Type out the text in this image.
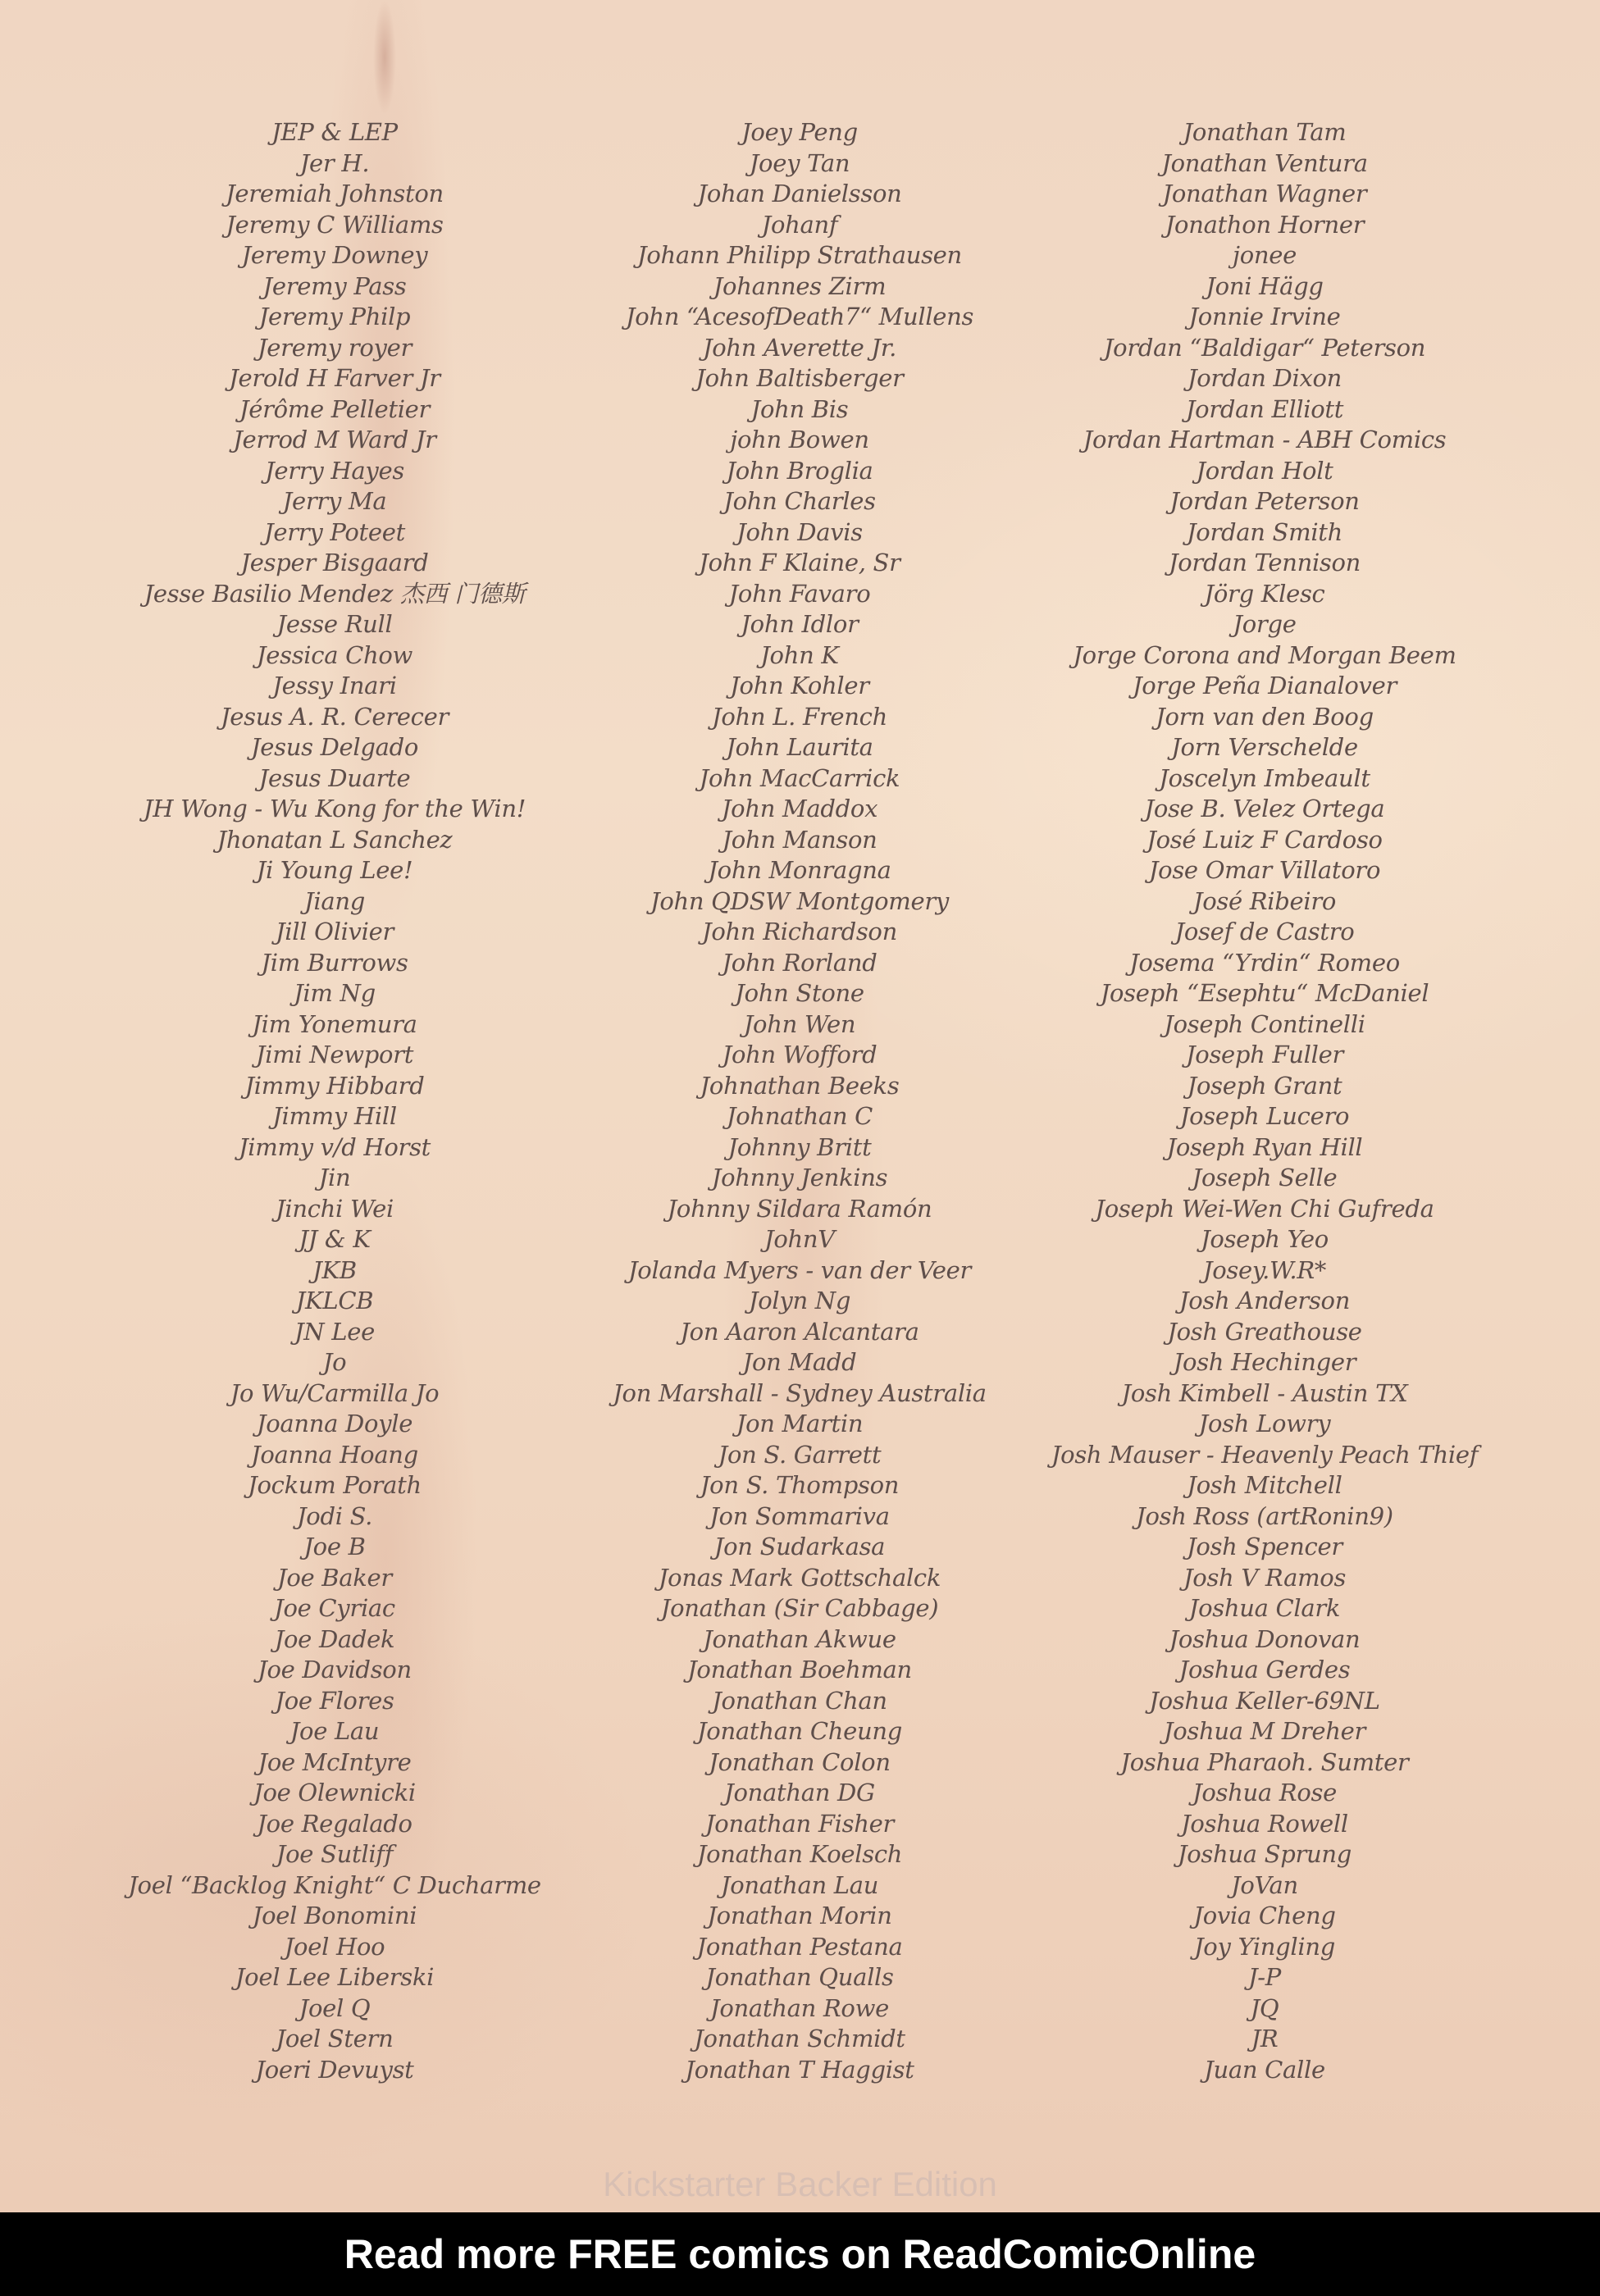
JEP & LEP
Jer H.
Jeremiah Johnston
Jeremy C Williams
Jeremy Downey
Jeremy Pass
Jeremy Philp
Jeremy royer
Jerold H Farver Jr
Jérôme Pelletier
Jerrod M Ward Jr
Jerry Hayes
Jerry Ma
Jerry Poteet
Jesper Bisgaard
Jesse Basilio Mendez 杰西 门德斯
Jesse Rull
Jessica Chow
Jessy Inari
Jesus A. R. Cerecer
Jesus Delgado
Jesus Duarte
JH Wong - Wu Kong for the Win!
Jhonatan L Sanchez
Ji Young Lee!
Jiang
Jill Olivier
Jim Burrows
Jim Ng
Jim Yonemura
Jimi Newport
Jimmy Hibbard
Jimmy Hill
Jimmy v/d Horst
Jin
Jinchi Wei
JJ & K
JKB
JKLCB
JN Lee
Jo
Jo Wu/Carmilla Jo
Joanna Doyle
Joanna Hoang
Jockum Porath
Jodi S.
Joe B
Joe Baker
Joe Cyriac
Joe Dadek
Joe Davidson
Joe Flores
Joe Lau
Joe McIntyre
Joe Olewnicki
Joe Regalado
Joe Sutliff
Joel “Backlog Knight“ C Ducharme
Joel Bonomini
Joel Hoo
Joel Lee Liberski
Joel Q
Joel Stern
Joeri Devuyst
Joey Peng
Joey Tan
Johan Danielsson
Johanf
Johann Philipp Strathausen
Johannes Zirm
John “AcesofDeath7“ Mullens
John Averette Jr.
John Baltisberger
John Bis
john Bowen
John Broglia
John Charles
John Davis
John F Klaine, Sr
John Favaro
John Idlor
John K
John Kohler
John L. French
John Laurita
John MacCarrick
John Maddox
John Manson
John Monragna
John QDSW Montgomery
John Richardson
John Rorland
John Stone
John Wen
John Wofford
Johnathan Beeks
Johnathan C
Johnny Britt
Johnny Jenkins
Johnny Sildara Ramón
JohnV
Jolanda Myers - van der Veer
Jolyn Ng
Jon Aaron Alcantara
Jon Madd
Jon Marshall - Sydney Australia
Jon Martin
Jon S. Garrett
Jon S. Thompson
Jon Sommariva
Jon Sudarkasa
Jonas Mark Gottschalck
Jonathan (Sir Cabbage)
Jonathan Akwue
Jonathan Boehman
Jonathan Chan
Jonathan Cheung
Jonathan Colon
Jonathan DG
Jonathan Fisher
Jonathan Koelsch
Jonathan Lau
Jonathan Morin
Jonathan Pestana
Jonathan Qualls
Jonathan Rowe
Jonathan Schmidt
Jonathan T Haggist
Jonathan Tam
Jonathan Ventura
Jonathan Wagner
Jonathon Horner
jonee
Joni Hägg
Jonnie Irvine
Jordan “Baldigar“ Peterson
Jordan Dixon
Jordan Elliott
Jordan Hartman - ABH Comics
Jordan Holt
Jordan Peterson
Jordan Smith
Jordan Tennison
Jörg Klesc
Jorge
Jorge Corona and Morgan Beem
Jorge Peña Dianalover
Jorn van den Boog
Jorn Verschelde
Joscelyn Imbeault
Jose B. Velez Ortega
José Luiz F Cardoso
Jose Omar Villatoro
José Ribeiro
Josef de Castro
Josema “Yrdin“ Romeo
Joseph “Esephtu“ McDaniel
Joseph Continelli
Joseph Fuller
Joseph Grant
Joseph Lucero
Joseph Ryan Hill
Joseph Selle
Joseph Wei-Wen Chi Gufreda
Joseph Yeo
Josey.W.R*
Josh Anderson
Josh Greathouse
Josh Hechinger
Josh Kimbell - Austin TX
Josh Lowry
Josh Mauser - Heavenly Peach Thief
Josh Mitchell
Josh Ross (artRonin9)
Josh Spencer
Josh V Ramos
Joshua Clark
Joshua Donovan
Joshua Gerdes
Joshua Keller-69NL
Joshua M Dreher
Joshua Pharaoh. Sumter
Joshua Rose
Joshua Rowell
Joshua Sprung
JoVan
Jovia Cheng
Joy Yingling
J-P
JQ
JR
Juan Calle
Kickstarter Backer Edition
Read more FREE comics on ReadComicOnline
